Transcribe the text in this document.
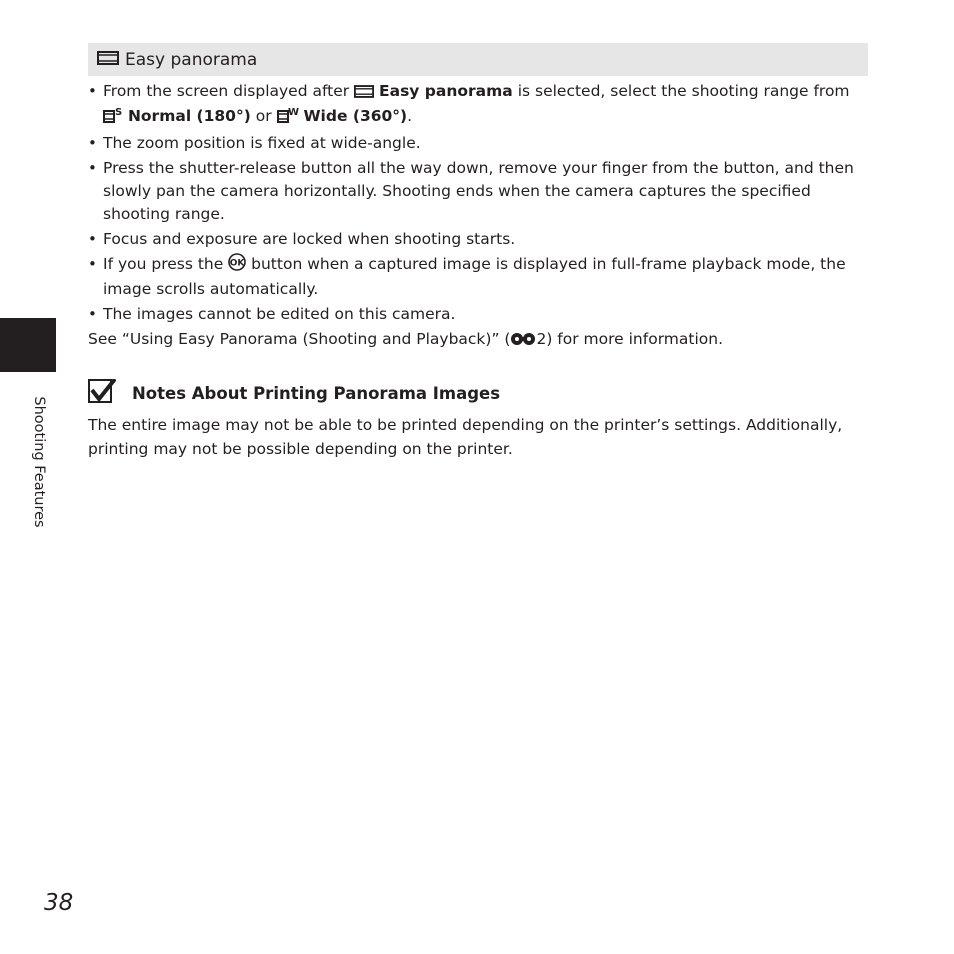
Shooting Features
Easy panorama
• From the screen displayed after  Easy panorama is selected, select the shooting range from

S Normal (180°) or W Wide (360°).
• The zoom position is fixed at wide-angle.
• Press the shutter-release button all the way down, remove your finger from the button, and then slowly pan the camera horizontally. Shooting ends when the camera captures the specified shooting range.
• Focus and exposure are locked when shooting starts.
• If you press the OK button when a captured image is displayed in full-frame playback mode, the image scrolls automatically.
• The images cannot be edited on this camera.
See “Using Easy Panorama (Shooting and Playback)” ( 2) for more information.
Notes About Printing Panorama Images
The entire image may not be able to be printed depending on the printer’s settings. Additionally, printing may not be possible depending on the printer.
38
